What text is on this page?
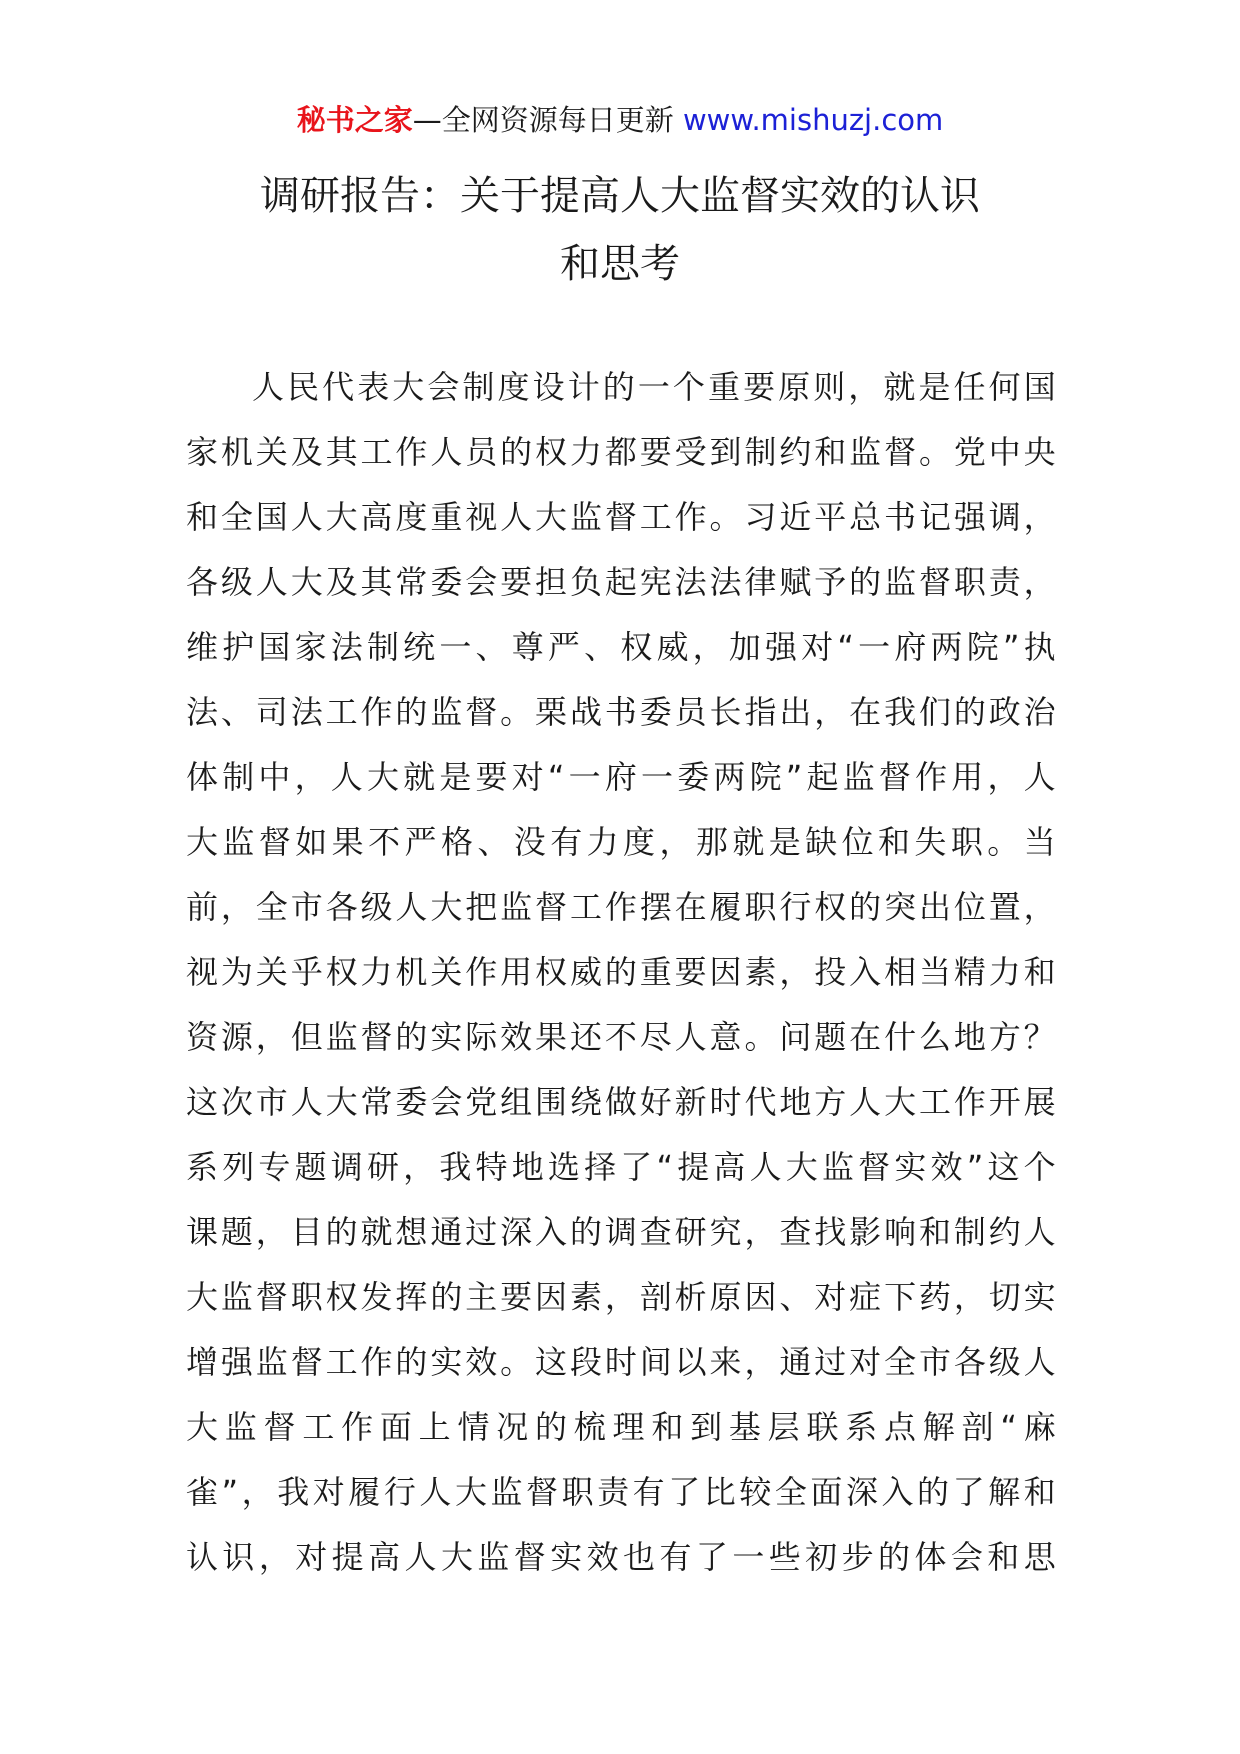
秘书之家—全网资源每日更新 www.mishuzj.com
调研报告：关于提高人大监督实效的认识
和思考
人民代表大会制度设计的一个重要原则，就是任何国
家机关及其工作人员的权力都要受到制约和监督。党中央
和全国人大高度重视人大监督工作。习近平总书记强调，
各级人大及其常委会要担负起宪法法律赋予的监督职责，
维护国家法制统一、尊严、权威，加强对“一府两院”执
法、司法工作的监督。栗战书委员长指出，在我们的政治
体制中，人大就是要对“一府一委两院”起监督作用，人
大监督如果不严格、没有力度，那就是缺位和失职。当
前，全市各级人大把监督工作摆在履职行权的突出位置，
视为关乎权力机关作用权威的重要因素，投入相当精力和
资源，但监督的实际效果还不尽人意。问题在什么地方？
这次市人大常委会党组围绕做好新时代地方人大工作开展
系列专题调研，我特地选择了“提高人大监督实效”这个
课题，目的就想通过深入的调查研究，查找影响和制约人
大监督职权发挥的主要因素，剖析原因、对症下药，切实
增强监督工作的实效。这段时间以来，通过对全市各级人
大监督工作面上情况的梳理和到基层联系点解剖“麻
雀”，我对履行人大监督职责有了比较全面深入的了解和
认识，对提高人大监督实效也有了一些初步的体会和思
